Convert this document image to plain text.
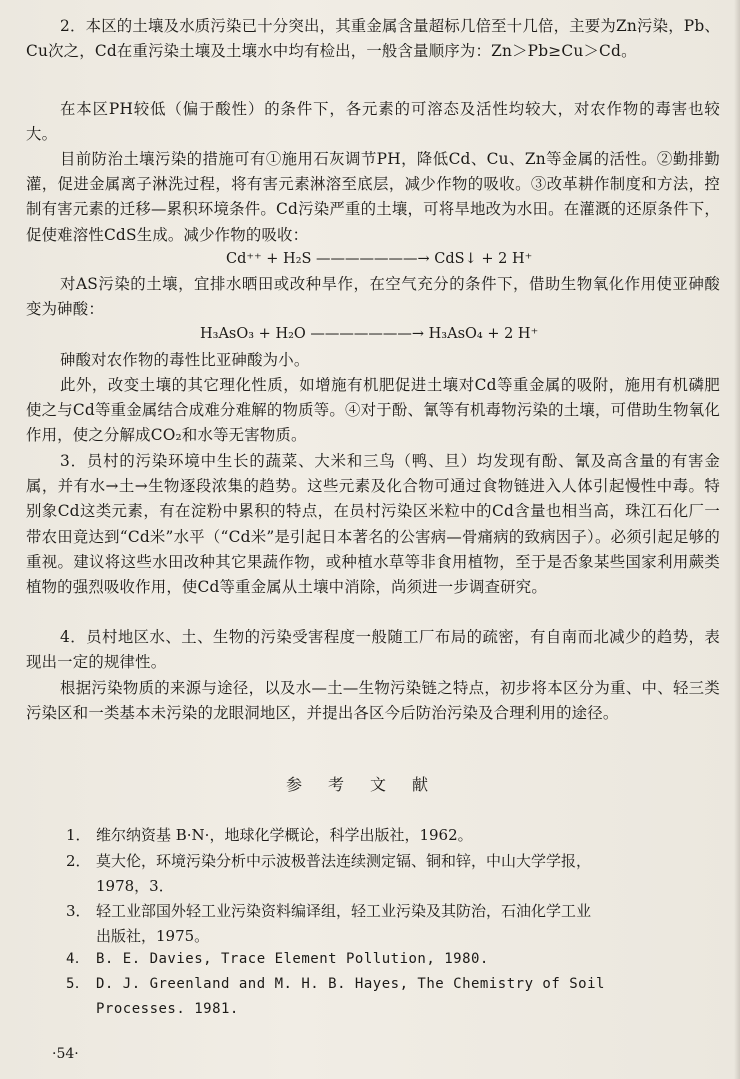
2．本区的土壤及水质污染已十分突出，其重金属含量超标几倍至十几倍，主要为Zn污染，Pb、Cu次之，Cd在重污染土壤及土壤水中均有检出，一般含量顺序为：Zn＞Pb≥Cu＞Cd。

在本区PH较低（偏于酸性）的条件下，各元素的可溶态及活性均较大，对农作物的毒害也较大。

目前防治土壤污染的措施可有①施用石灰调节PH，降低Cd、Cu、Zn等金属的活性。②勤排勤灌，促进金属离子淋洗过程，将有害元素淋溶至底层，减少作物的吸收。③改革耕作制度和方法，控制有害元素的迁移—累积环境条件。Cd污染严重的土壤，可将旱地改为水田。在灌溉的还原条件下，促使难溶性CdS生成。减少作物的吸收：

Cd⁺⁺ + H₂S ———————→ CdS↓ + 2 H⁺

对AS污染的土壤，宜排水晒田或改种旱作，在空气充分的条件下，借助生物氧化作用使亚砷酸变为砷酸：

H₃AsO₃ + H₂O ———————→ H₃AsO₄ + 2 H⁺

砷酸对农作物的毒性比亚砷酸为小。

此外，改变土壤的其它理化性质，如增施有机肥促进土壤对Cd等重金属的吸附，施用有机磷肥使之与Cd等重金属结合成难分难解的物质等。④对于酚、氰等有机毒物污染的土壤，可借助生物氧化作用，使之分解成CO₂和水等无害物质。

3．员村的污染环境中生长的蔬菜、大米和三鸟（鸭、旦）均发现有酚、氰及高含量的有害金属，并有水→土→生物逐段浓集的趋势。这些元素及化合物可通过食物链进入人体引起慢性中毒。特别象Cd这类元素，有在淀粉中累积的特点，在员村污染区米粒中的Cd含量也相当高，珠江石化厂一带农田竟达到“Cd米”水平（“Cd米”是引起日本著名的公害病—骨痛病的致病因子）。必须引起足够的重视。建议将这些水田改种其它果蔬作物，或种植水草等非食用植物，至于是否象某些国家利用蕨类植物的强烈吸收作用，使Cd等重金属从土壤中消除，尚须进一步调查研究。

4．员村地区水、土、生物的污染受害程度一般随工厂布局的疏密，有自南而北减少的趋势，表现出一定的规律性。

根据污染物质的来源与途径，以及水—土—生物污染链之特点，初步将本区分为重、中、轻三类污染区和一类基本未污染的龙眼洞地区，并提出各区今后防治污染及合理利用的途径。

参考文献

1． 维尔纳资基 B·N·，地球化学概论，科学出版社，1962。

2． 莫大伦，环境污染分析中示波极普法连续测定镉、铜和锌，中山大学学报，
1978，3．

3． 轻工业部国外轻工业污染资料编译组，轻工业污染及其防治，石油化学工业
出版社，1975。

4． B. E. Davies, Trace Element Pollution, 1980.

5． D. J. Greenland and M. H. B. Hayes, The Chemistry of Soil
Processes. 1981.

·54·
